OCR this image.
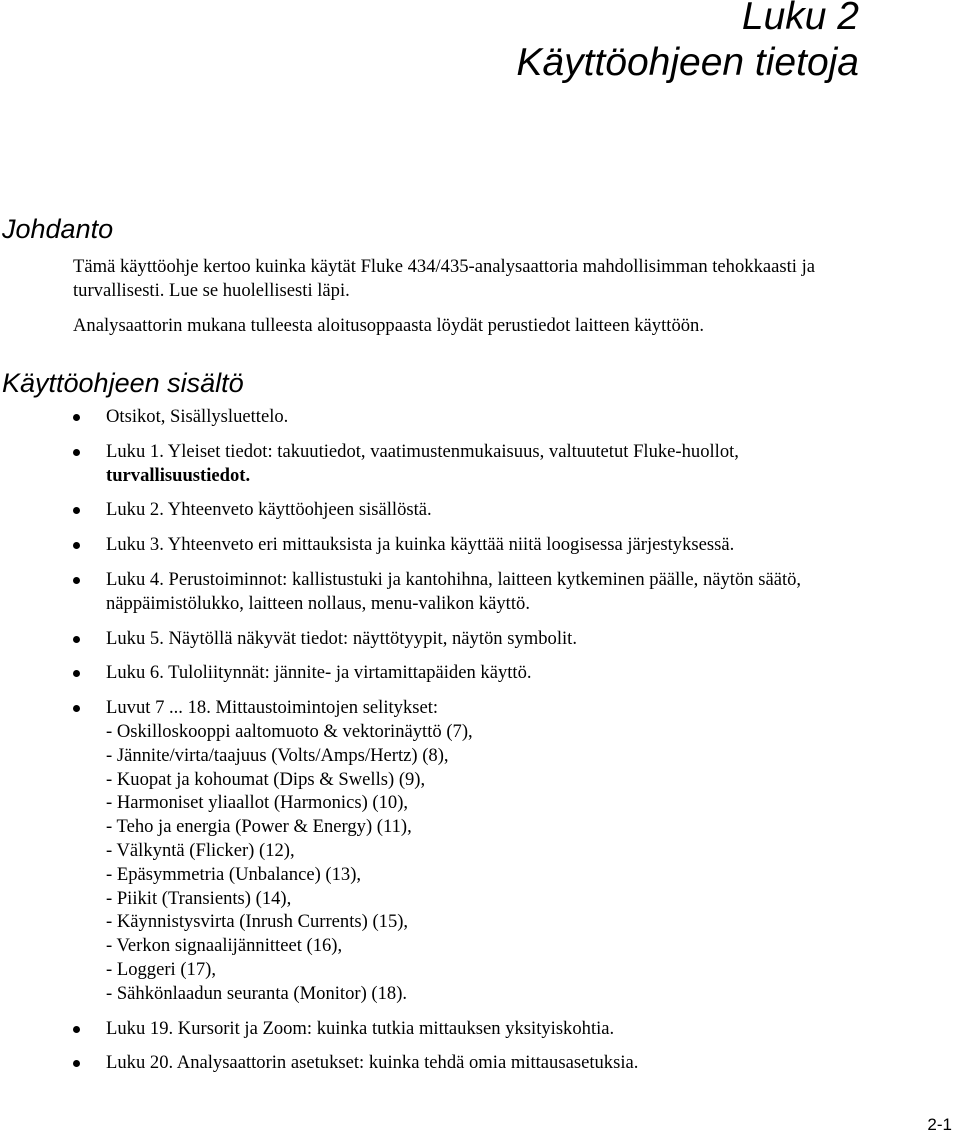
Luku 2
Käyttöohjeen tietoja
Johdanto

Tämä käyttöohje kertoo kuinka käytät Fluke 434/435-analysaattoria mahdollisimman tehokkaasti ja turvallisesti. Lue se huolellisesti läpi.

Analysaattorin mukana tulleesta aloitusoppaasta löydät perustiedot laitteen käyttöön.

Käyttöohjeen sisältö
Otsikot, Sisällysluettelo.
Luku 1. Yleiset tiedot: takuutiedot, vaatimustenmukaisuus, valtuutetut Fluke-huollot,
turvallisuustiedot.
Luku 2. Yhteenveto käyttöohjeen sisällöstä.
Luku 3. Yhteenveto eri mittauksista ja kuinka käyttää niitä loogisessa järjestyksessä.
Luku 4. Perustoiminnot: kallistustuki ja kantohihna, laitteen kytkeminen päälle, näytön säätö, näppäimistölukko, laitteen nollaus, menu-valikon käyttö.
Luku 5. Näytöllä näkyvät tiedot: näyttötyypit, näytön symbolit.
Luku 6. Tuloliitynnät: jännite- ja virtamittapäiden käyttö.
Luvut 7 ... 18. Mittaustoimintojen selitykset:
- Oskilloskooppi aaltomuoto & vektorinäyttö (7),
- Jännite/virta/taajuus (Volts/Amps/Hertz) (8),
- Kuopat ja kohoumat (Dips & Swells) (9),
- Harmoniset yliaallot (Harmonics) (10),
- Teho ja energia (Power & Energy) (11),
- Välkyntä (Flicker) (12),
- Epäsymmetria (Unbalance) (13),
- Piikit (Transients) (14),
- Käynnistysvirta (Inrush Currents) (15),
- Verkon signaalijännitteet (16),
- Loggeri (17),
- Sähkönlaadun seuranta (Monitor) (18).
Luku 19. Kursorit ja Zoom: kuinka tutkia mittauksen yksityiskohtia.
Luku 20. Analysaattorin asetukset: kuinka tehdä omia mittausasetuksia.
2-1
